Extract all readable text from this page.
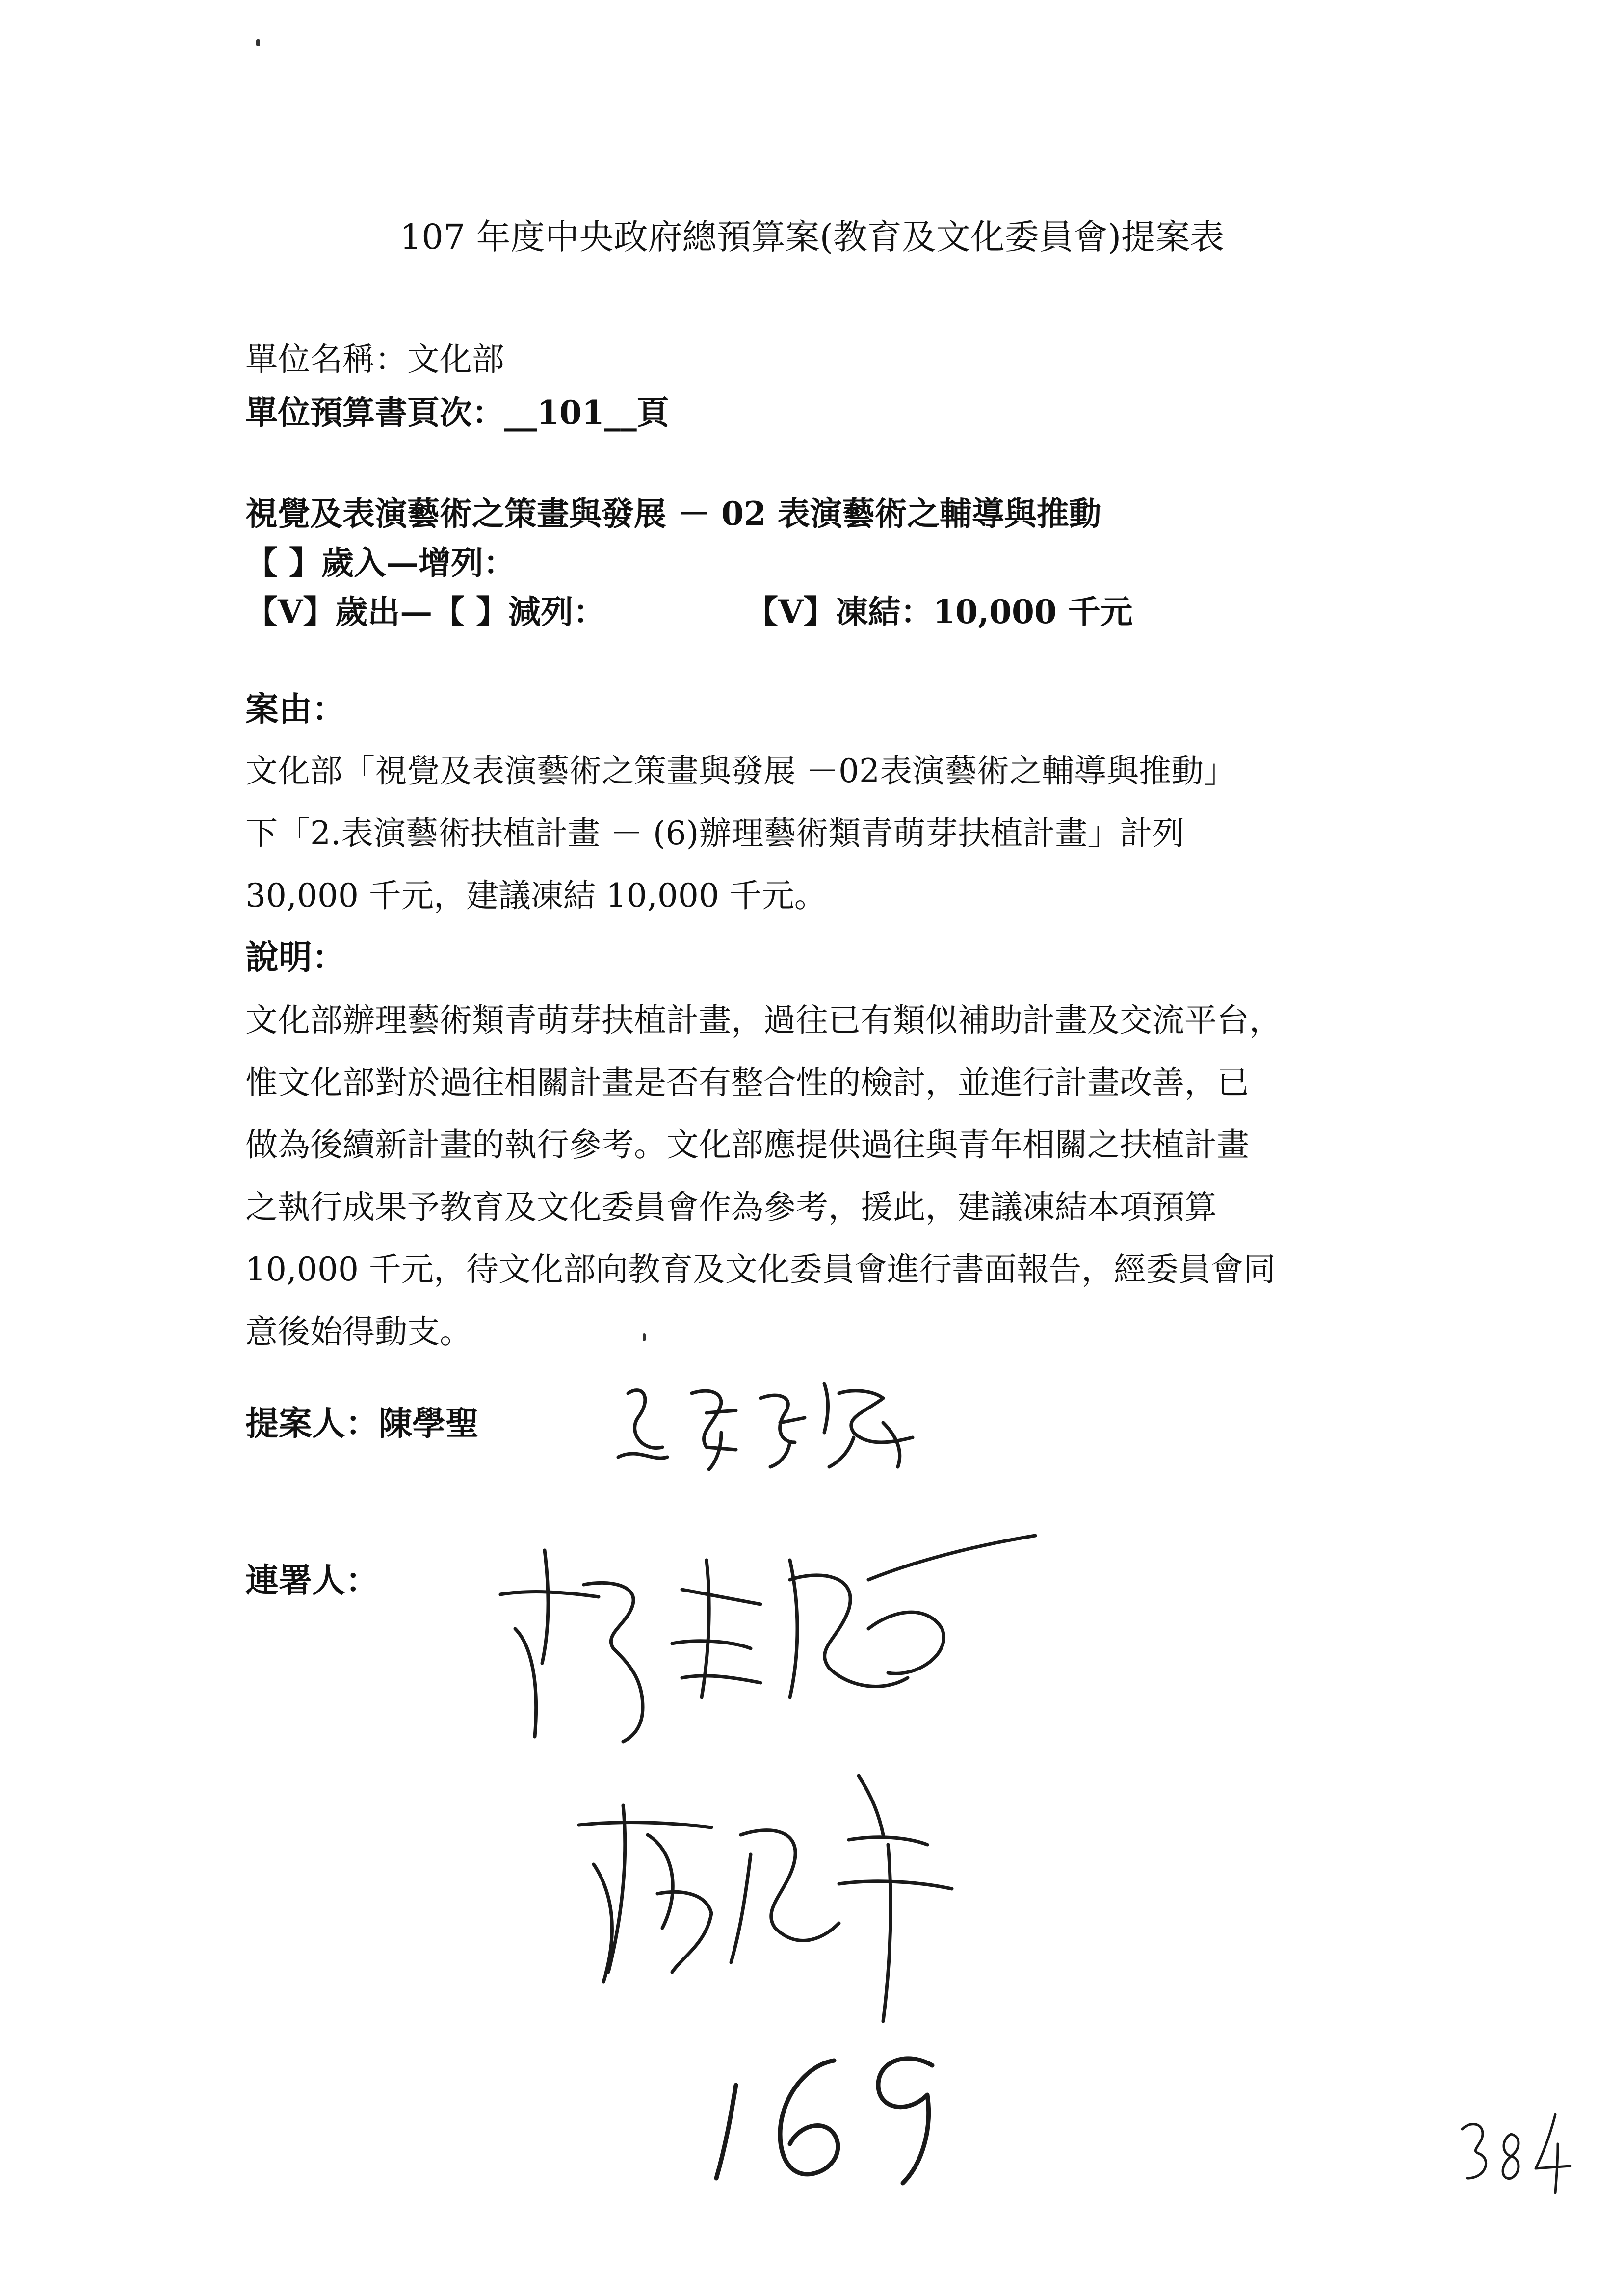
107 年度中央政府總預算案(教育及文化委員會)提案表
單位名稱：文化部
單位預算書頁次：__101__頁
視覺及表演藝術之策畫與發展 － 02 表演藝術之輔導與推動
【 】歲入—增列：
【V】歲出—【 】減列：	【V】凍結：10,000 千元
案由：
文化部「視覺及表演藝術之策畫與發展 －02表演藝術之輔導與推動」
下「2.表演藝術扶植計畫 － (6)辦理藝術類青萌芽扶植計畫」計列
30,000 千元，建議凍結 10,000 千元。
說明：
文化部辦理藝術類青萌芽扶植計畫，過往已有類似補助計畫及交流平台，
惟文化部對於過往相關計畫是否有整合性的檢討，並進行計畫改善，已
做為後續新計畫的執行參考。文化部應提供過往與青年相關之扶植計畫
之執行成果予教育及文化委員會作為參考，援此，建議凍結本項預算
10,000 千元，待文化部向教育及文化委員會進行書面報告，經委員會同
意後始得動支。
提案人：陳學聖
連署人：
